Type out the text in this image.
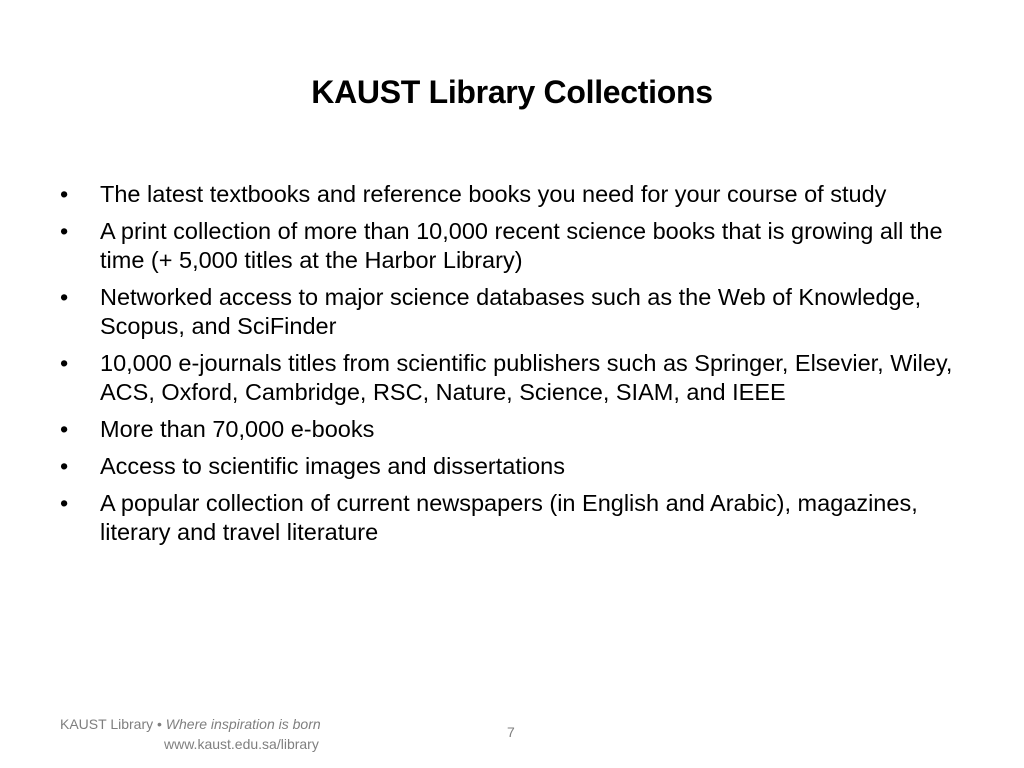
KAUST Library Collections
•	The latest textbooks and reference books you need for your course of study
•	A print collection of more than 10,000 recent science books that is growing all the time (+ 5,000 titles at the Harbor Library)
•	Networked access to major science databases such as the Web of Knowledge, Scopus, and SciFinder
•	10,000 e-journals titles from scientific publishers such as Springer, Elsevier, Wiley, ACS, Oxford, Cambridge, RSC, Nature, Science, SIAM, and IEEE
•	More than 70,000 e-books
•	Access to scientific images and dissertations
•	A popular collection of current newspapers (in English and Arabic), magazines, literary and travel literature
KAUST Library • Where inspiration is born
www.kaust.edu.sa/library
7
